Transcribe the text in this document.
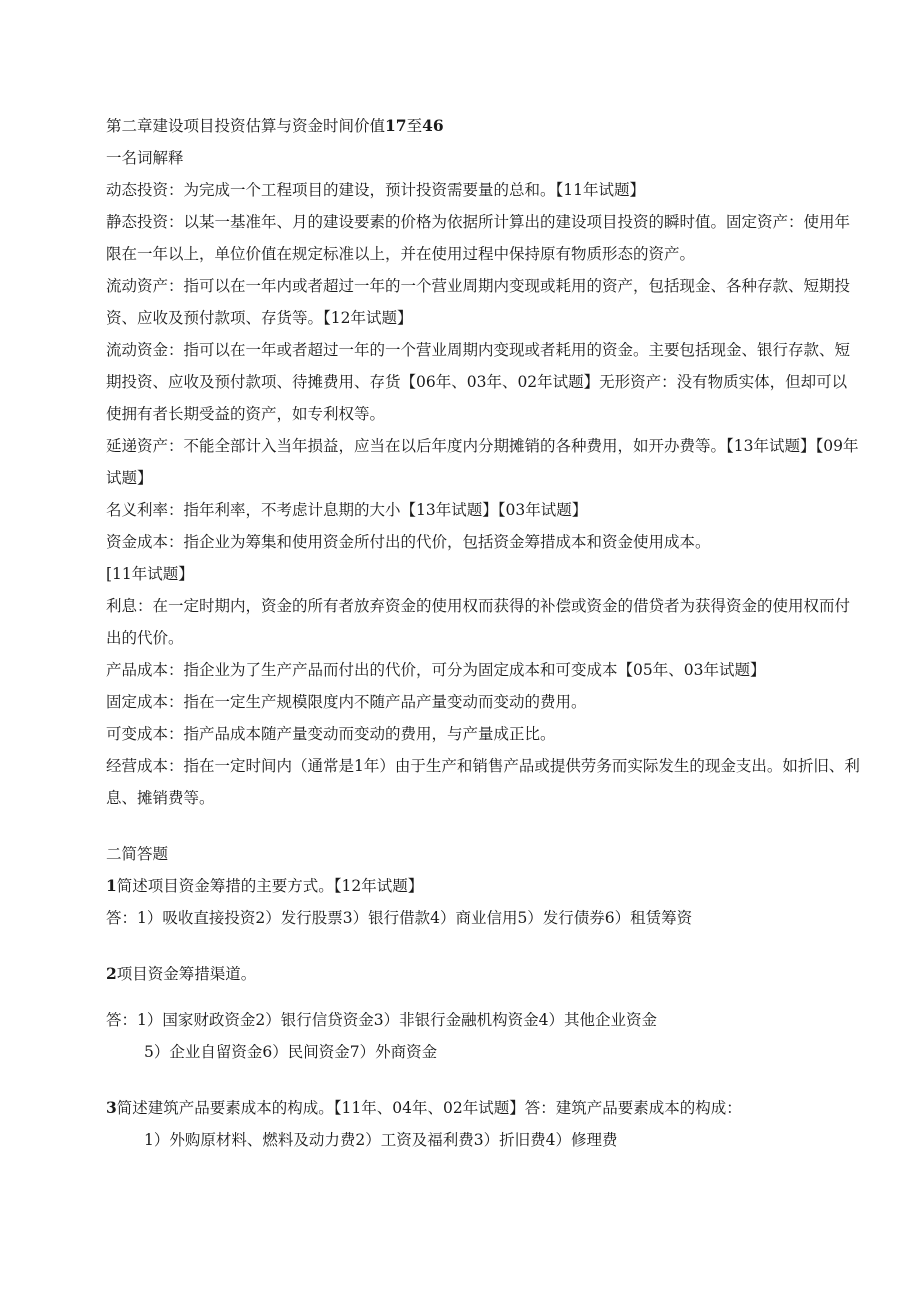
第二章建设项目投资估算与资金时间价值17至46
一名词解释
动态投资：为完成一个工程项目的建设，预计投资需要量的总和。【11年试题】
静态投资：以某一基准年、月的建设要素的价格为依据所计算出的建设项目投资的瞬时值。固定资产：使用年限在一年以上，单位价值在规定标准以上，并在使用过程中保持原有物质形态的资产。
流动资产：指可以在一年内或者超过一年的一个营业周期内变现或耗用的资产，包括现金、各种存款、短期投资、应收及预付款项、存货等。【12年试题】
流动资金：指可以在一年或者超过一年的一个营业周期内变现或者耗用的资金。主要包括现金、银行存款、短期投资、应收及预付款项、待摊费用、存货【06年、03年、02年试题】无形资产：没有物质实体，但却可以使拥有者长期受益的资产，如专利权等。
延递资产：不能全部计入当年损益，应当在以后年度内分期摊销的各种费用，如开办费等。【13年试题】【09年试题】
名义利率：指年利率，不考虑计息期的大小【13年试题】【03年试题】
资金成本：指企业为筹集和使用资金所付出的代价，包括资金筹措成本和资金使用成本。
[11年试题】
利息：在一定时期内，资金的所有者放弃资金的使用权而获得的补偿或资金的借贷者为获得资金的使用权而付出的代价。
产品成本：指企业为了生产产品而付出的代价，可分为固定成本和可变成本【05年、03年试题】
固定成本：指在一定生产规模限度内不随产品产量变动而变动的费用。
可变成本：指产品成本随产量变动而变动的费用，与产量成正比。
经营成本：指在一定时间内（通常是1年）由于生产和销售产品或提供劳务而实际发生的现金支出。如折旧、利息、摊销费等。
二简答题
1简述项目资金筹措的主要方式。【12年试题】
答：1）吸收直接投资2）发行股票3）银行借款4）商业信用5）发行债券6）租赁筹资
2项目资金筹措渠道。
答：1）国家财政资金2）银行信贷资金3）非银行金融机构资金4）其他企业资金
5）企业自留资金6）民间资金7）外商资金
3简述建筑产品要素成本的构成。【11年、04年、02年试题】答：建筑产品要素成本的构成：
1）外购原材料、燃料及动力费2）工资及福利费3）折旧费4）修理费
